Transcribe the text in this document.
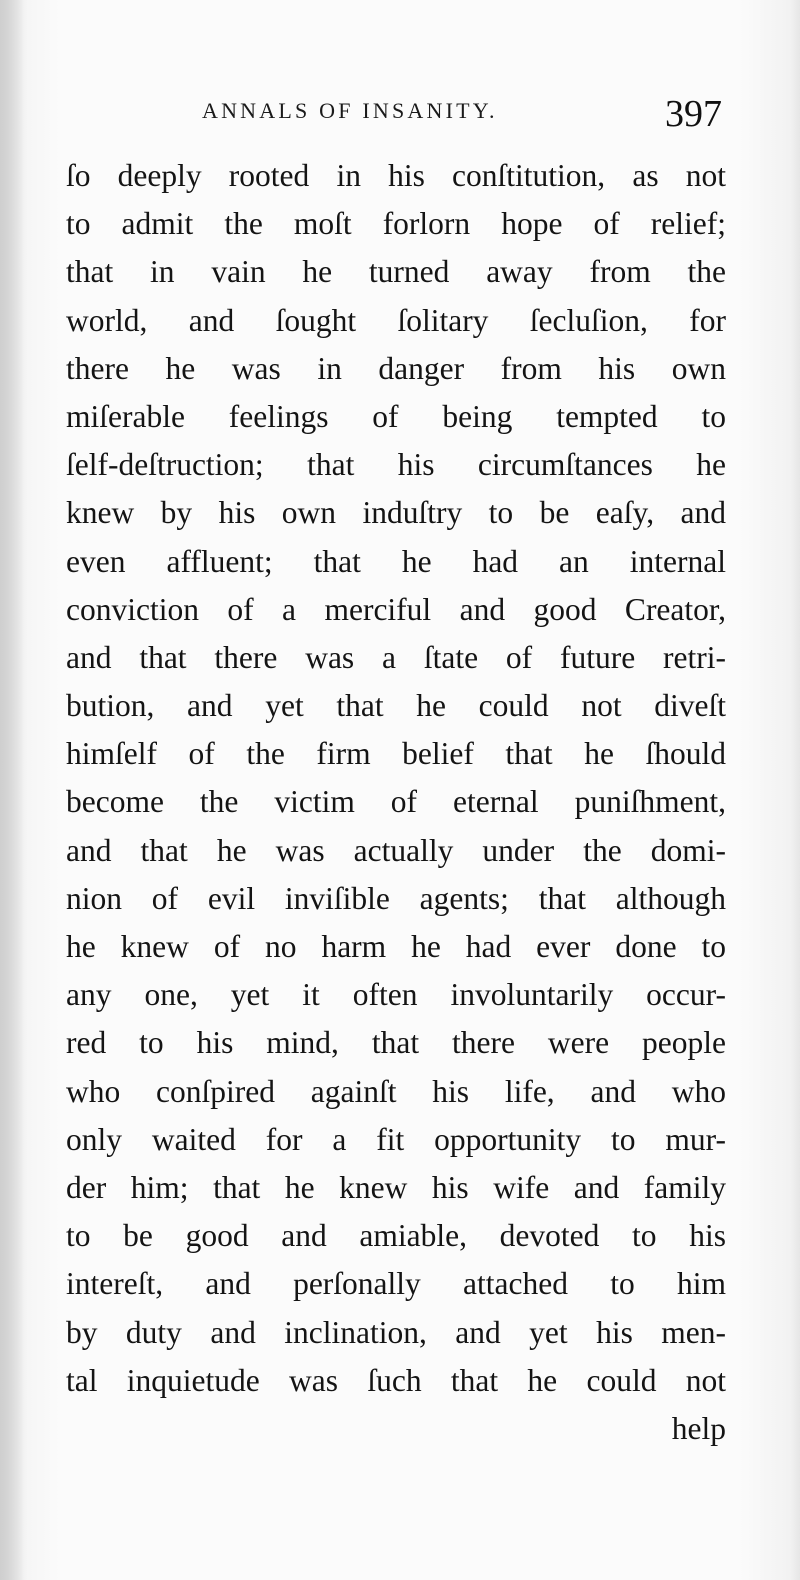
ANNALS OF INSANITY.	397
ſo deeply rooted in his conſtitution, as not
to admit the moſt forlorn hope of relief;
that in vain he turned away from the
world, and ſought ſolitary ſecluſion, for
there he was in danger from his own
miſerable feelings of being tempted to
ſelf-deſtruction; that his circumſtances he
knew by his own induſtry to be eaſy, and
even affluent; that he had an internal
conviction of a merciful and good Creator,
and that there was a ſtate of future retri-
bution, and yet that he could not diveſt
himſelf of the firm belief that he ſhould
become the victim of eternal puniſhment,
and that he was actually under the domi-
nion of evil inviſible agents; that although
he knew of no harm he had ever done to
any one, yet it often involuntarily occur-
red to his mind, that there were people
who conſpired againſt his life, and who
only waited for a fit opportunity to mur-
der him; that he knew his wife and family
to be good and amiable, devoted to his
intereſt, and perſonally attached to him
by duty and inclination, and yet his men-
tal inquietude was ſuch that he could not
help
